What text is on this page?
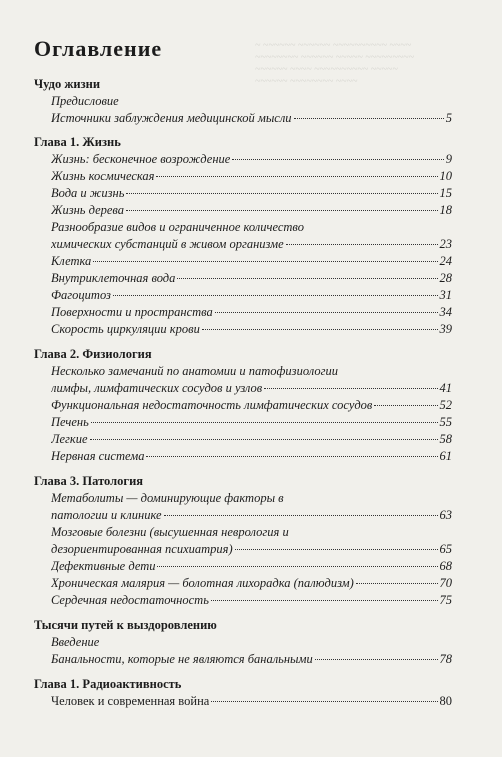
~ ~~~~~~ ~~~~~~ ~~~~~~~~~~ ~~~~
~~~~~~~~ ~~~~~~ ~~~~~ ~~~~~~~~~
~~~~~~ ~~~~ ~~~~~~~~~~ ~~~~~
~~~~~~ ~~~~~~~~ ~~~~
Оглавление
Чудо жизни
Предисловие
Источники заблуждения медицинской мысли	5
Глава 1. Жизнь
Жизнь: бесконечное возрождение	9
Жизнь космическая	10
Вода и жизнь	15
Жизнь дерева	18
Разнообразие видов и ограниченное количество
химических субстанций в живом организме	23
Клетка	24
Внутриклеточная вода	28
Фагоцитоз	31
Поверхности и пространства	34
Скорость циркуляции крови	39
Глава 2. Физиология
Несколько замечаний по анатомии и патофизиологии
лимфы, лимфатических сосудов и узлов	41
Функциональная недостаточность лимфатических сосудов	52
Печень	55
Легкие	58
Нервная система	61
Глава 3. Патология
Метаболиты — доминирующие факторы в
патологии и клинике	63
Мозговые болезни (высушенная неврология и
дезориентированная психиатрия)	65
Дефективные дети	68
Хроническая малярия — болотная лихорадка (палюдизм)	70
Сердечная недостаточность	75
Тысячи путей к выздоровлению
Введение
Банальности, которые не являются банальными	78
Глава 1. Радиоактивность
Человек и современная война	80
